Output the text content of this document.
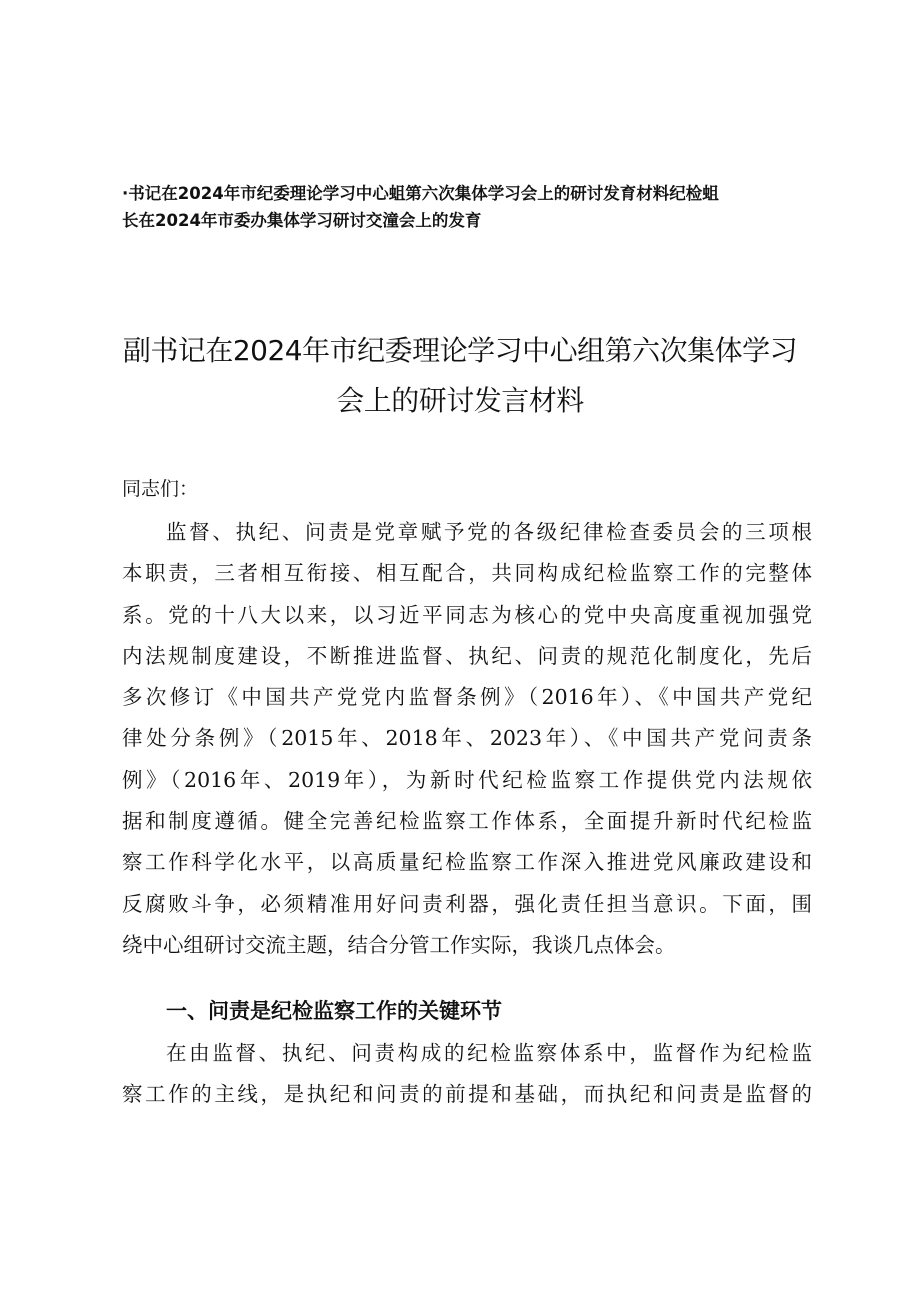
·书记在2024年市纪委理论学习中心蛆第六次集体学习会上的研讨发育材料纪检蛆
长在2024年市委办集体学习研讨交潼会上的发育
副书记在2024年市纪委理论学习中心组第六次集体学习
会上的研讨发言材料

同志们：

监督、执纪、问责是党章赋予党的各级纪律检查委员会的三项根
本职责，三者相互衔接、相互配合，共同构成纪检监察工作的完整体
系。党的十八大以来，以习近平同志为核心的党中央高度重视加强党
内法规制度建设，不断推进监督、执纪、问责的规范化制度化，先后
多次修订《中国共产党党内监督条例》（2016年）、《中国共产党纪
律处分条例》（2015年、2018年、2023年）、《中国共产党问责条
例》（2016年、2019年），为新时代纪检监察工作提供党内法规依
据和制度遵循。健全完善纪检监察工作体系，全面提升新时代纪检监
察工作科学化水平，以高质量纪检监察工作深入推进党风廉政建设和
反腐败斗争，必须精准用好问责利器，强化责任担当意识。下面，围
绕中心组研讨交流主题，结合分管工作实际，我谈几点体会。
一、问责是纪检监察工作的关键环节
在由监督、执纪、问责构成的纪检监察体系中，监督作为纪检监
察工作的主线，是执纪和问责的前提和基础，而执纪和问责是监督的
